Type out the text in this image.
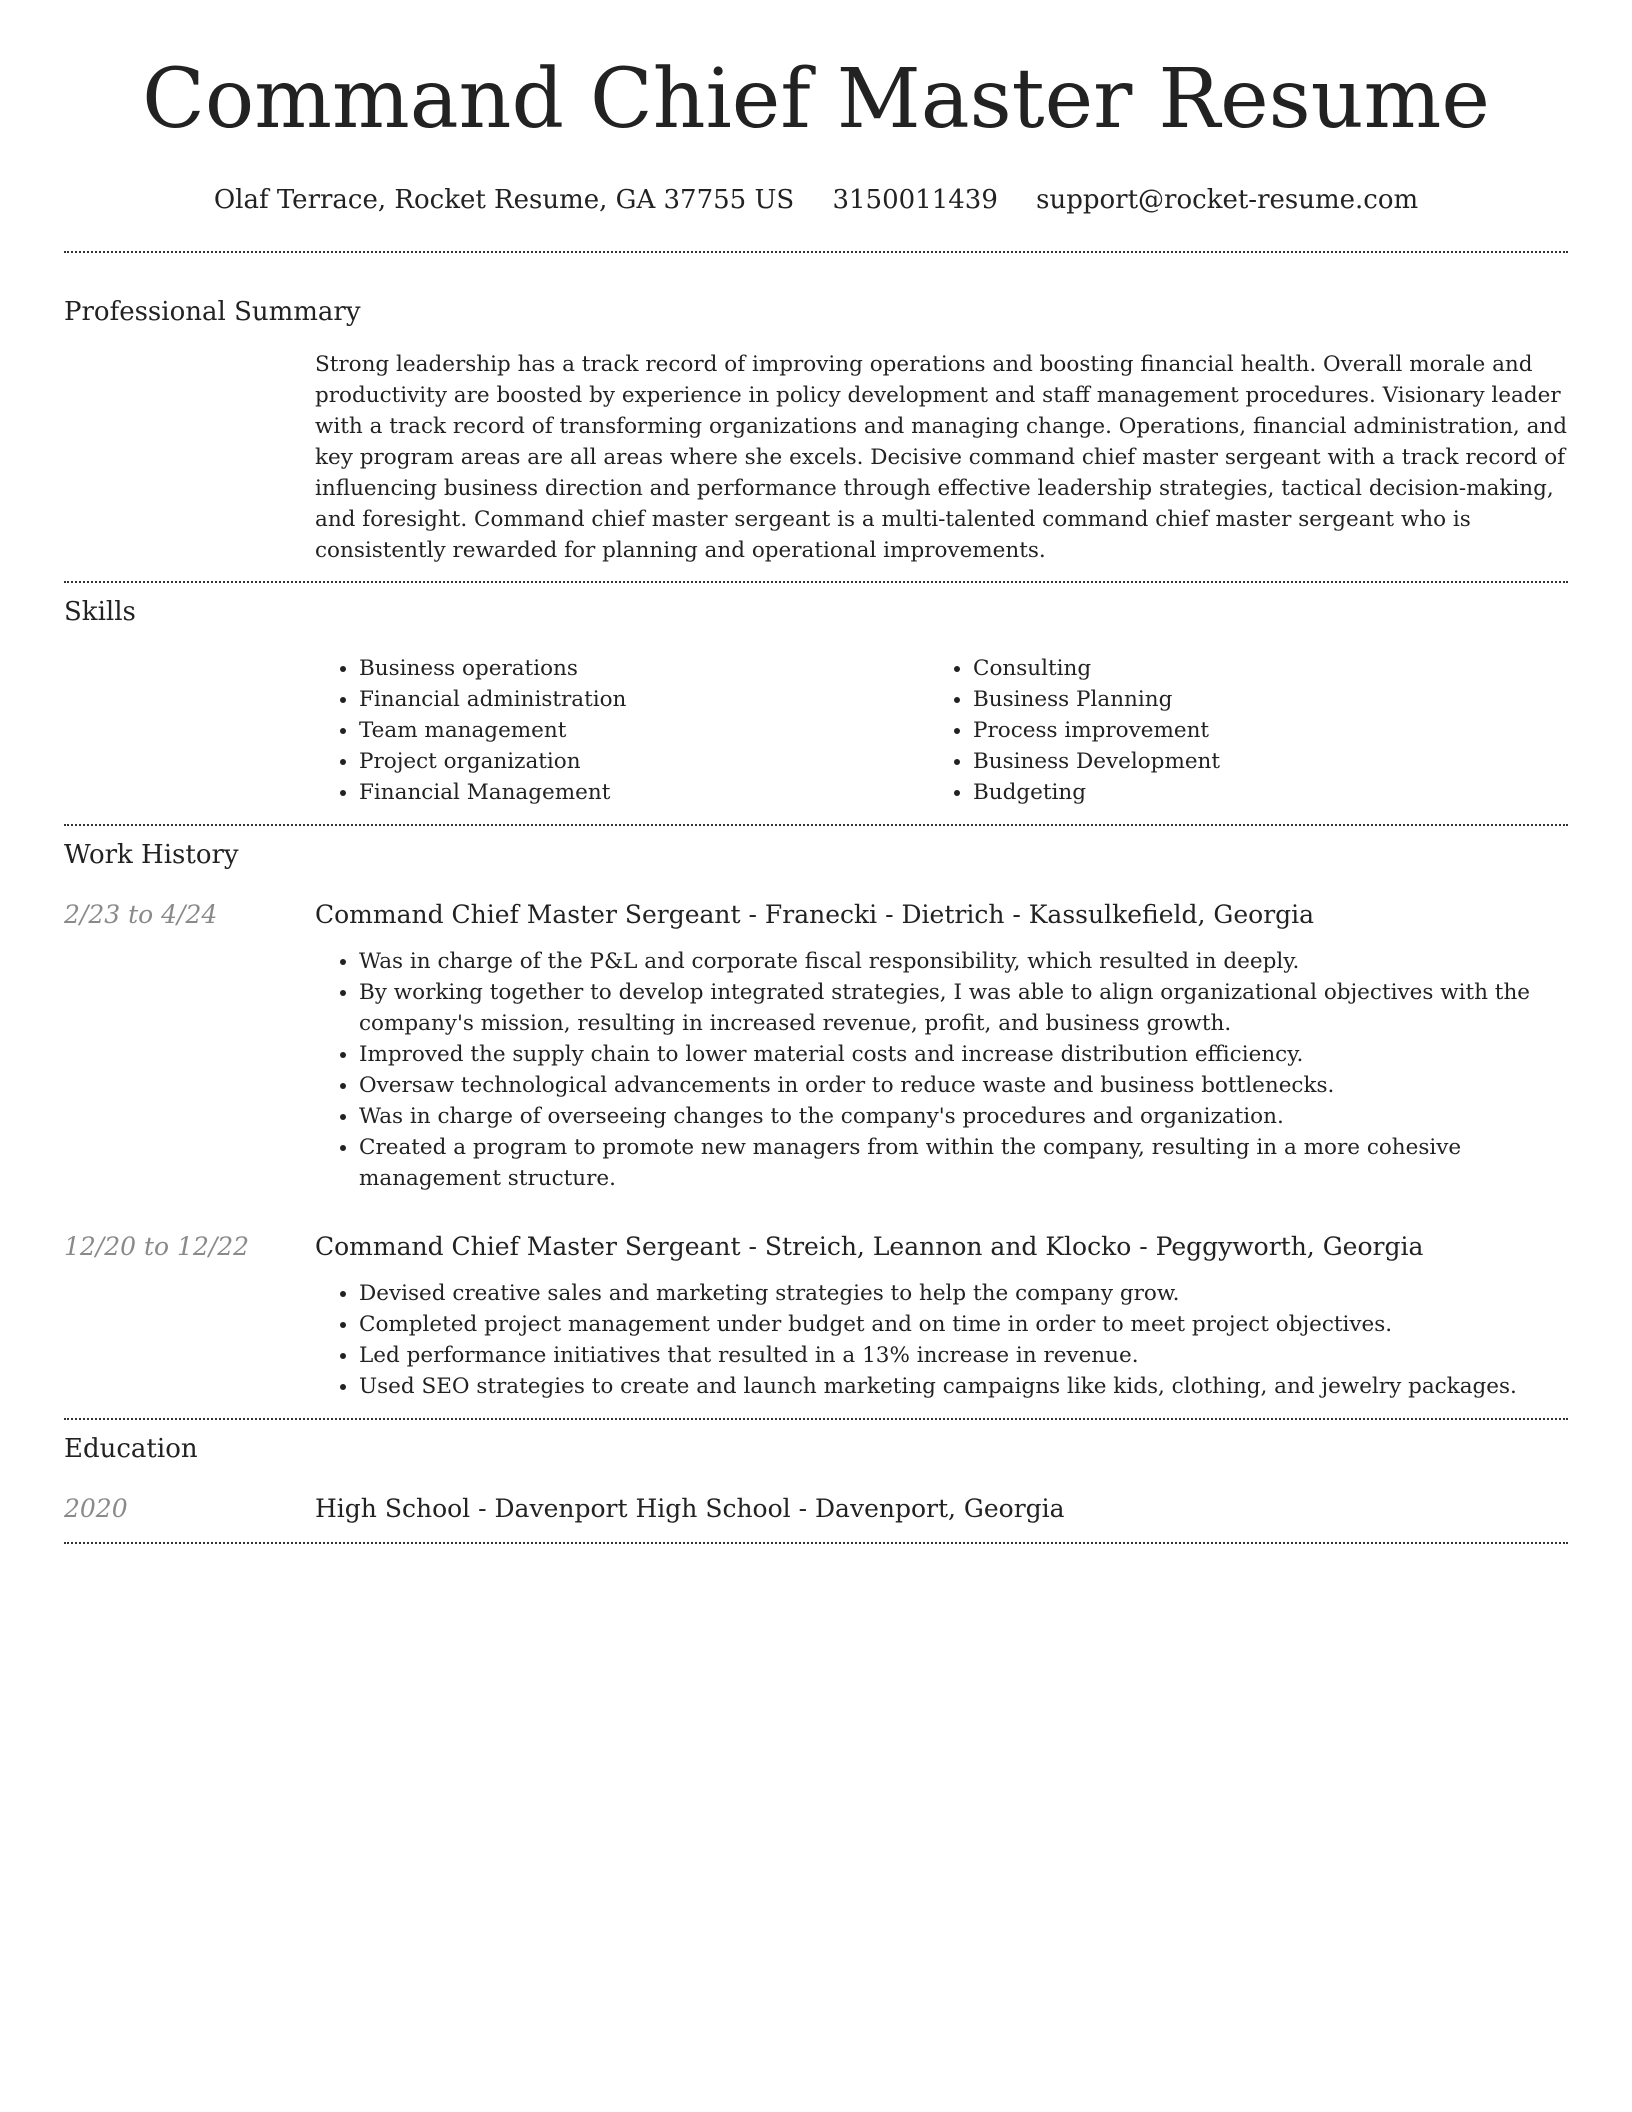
Command Chief Master Resume
Olaf Terrace, Rocket Resume, GA 37755 US 3150011439 support@rocket-resume.com
Professional Summary
Strong leadership has a track record of improving operations and boosting financial health. Overall morale and productivity are boosted by experience in policy development and staff management procedures. Visionary leader with a track record of transforming organizations and managing change. Operations, financial administration, and key program areas are all areas where she excels. Decisive command chief master sergeant with a track record of influencing business direction and performance through effective leadership strategies, tactical decision-making, and foresight. Command chief master sergeant is a multi-talented command chief master sergeant who is consistently rewarded for planning and operational improvements.
Skills
• Business operations
• Financial administration
• Team management
• Project organization
• Financial Management
• Consulting
• Business Planning
• Process improvement
• Business Development
• Budgeting
Work History
2/23 to 4/24	Command Chief Master Sergeant - Franecki - Dietrich - Kassulkefield, Georgia
• Was in charge of the P&L and corporate fiscal responsibility, which resulted in deeply.
• By working together to develop integrated strategies, I was able to align organizational objectives with the company's mission, resulting in increased revenue, profit, and business growth.
• Improved the supply chain to lower material costs and increase distribution efficiency.
• Oversaw technological advancements in order to reduce waste and business bottlenecks.
• Was in charge of overseeing changes to the company's procedures and organization.
• Created a program to promote new managers from within the company, resulting in a more cohesive management structure.
12/20 to 12/22	Command Chief Master Sergeant - Streich, Leannon and Klocko - Peggyworth, Georgia
• Devised creative sales and marketing strategies to help the company grow.
• Completed project management under budget and on time in order to meet project objectives.
• Led performance initiatives that resulted in a 13% increase in revenue.
• Used SEO strategies to create and launch marketing campaigns like kids, clothing, and jewelry packages.
Education
2020	High School - Davenport High School - Davenport, Georgia
